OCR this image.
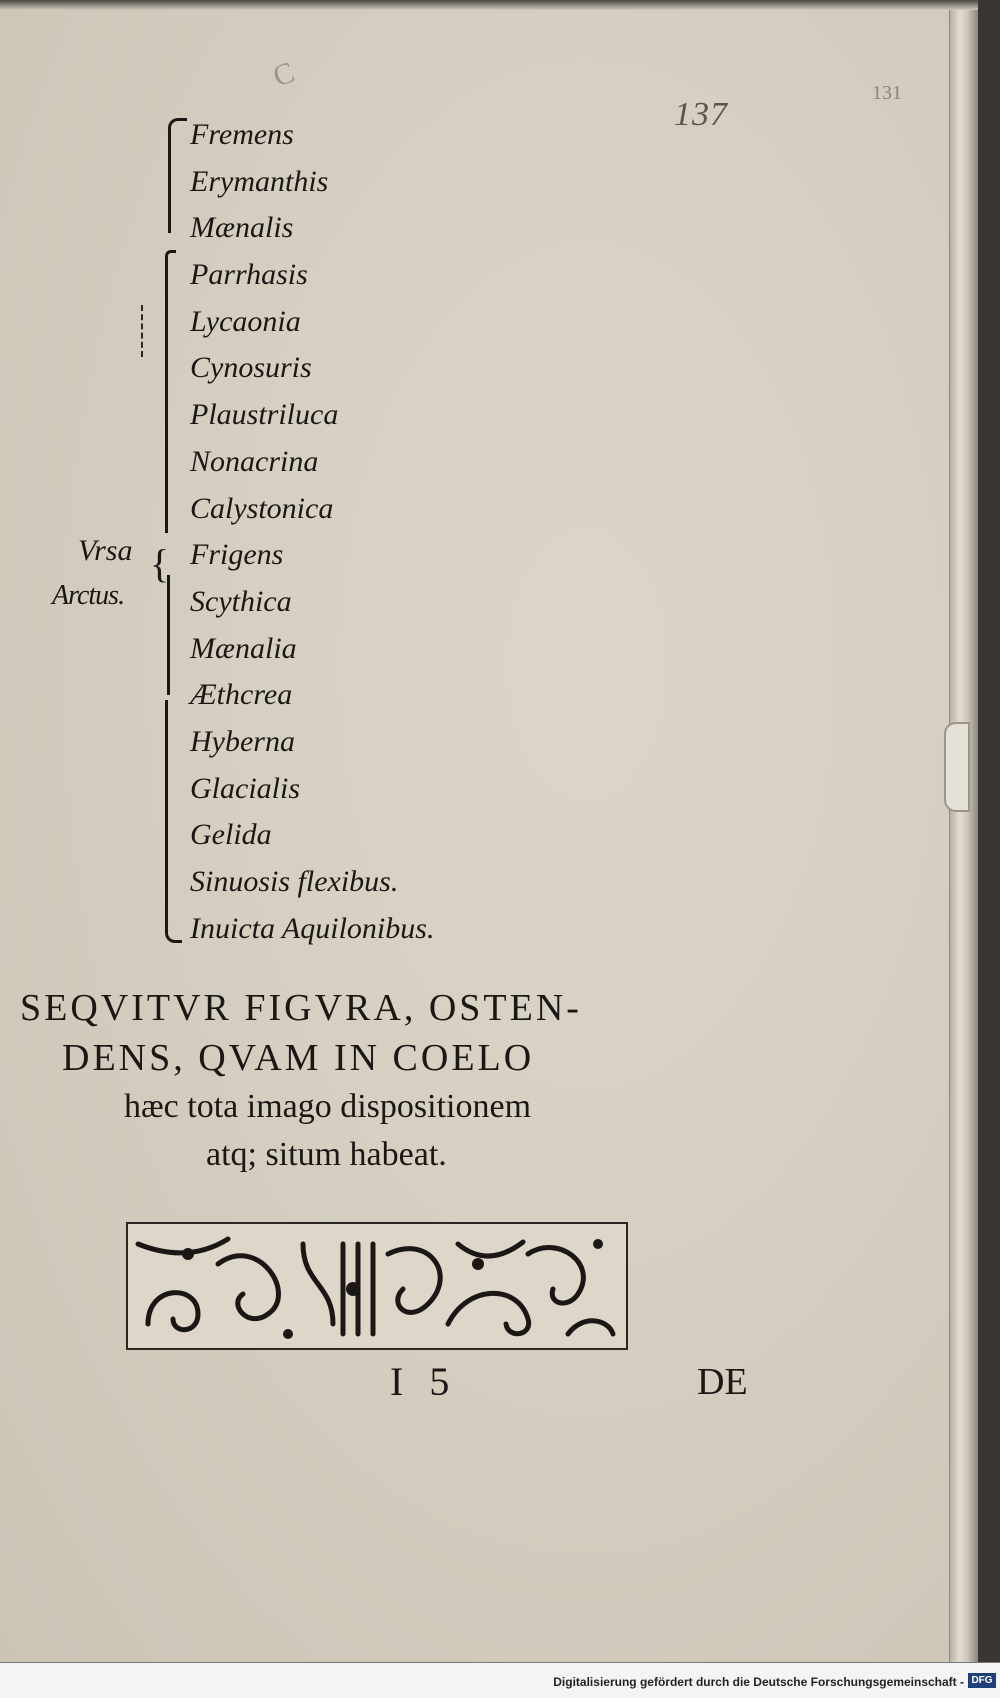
C
137
131
{
Vrsa
Arctus.
Fremens
Erymanthis
Mænalis
Parrhasis
Lycaonia
Cynosuris
Plaustriluca
Nonacrina
Calystonica
Frigens
Scythica
Mænalia
Æthcrea
Hyberna
Glacialis
Gelida
Sinuosis flexibus.
Inuicta Aquilonibus.
SEQVITVR FIGVRA, OSTEN-
DENS, QVAM IN COELO
hæc tota imago dispositionem
atq; situm habeat.
I 5	DE
Digitalisierung gefördert durch die Deutsche Forschungsgemeinschaft - DFG
